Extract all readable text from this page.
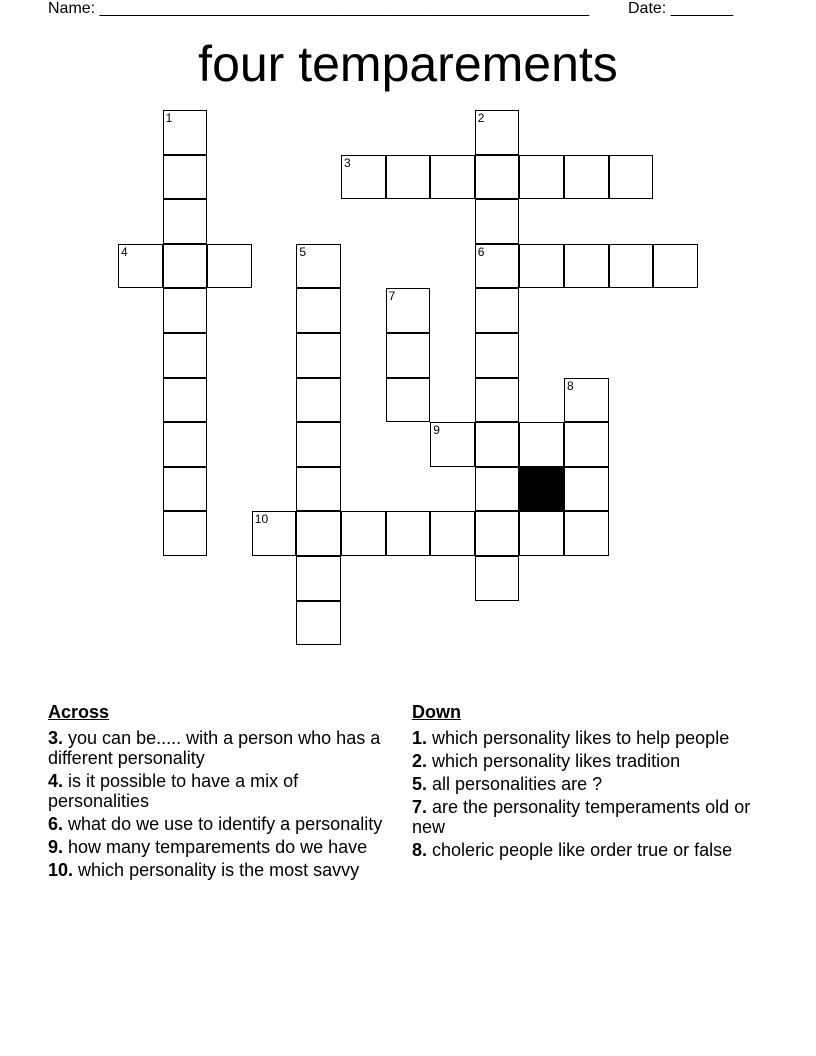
Name: _______________________________________________________ Date: _______
four temparements
1
4
2
6
3
5
7
9
8
10
Across
3. you can be..... with a person who has a different personality
4. is it possible to have a mix of personalities
6. what do we use to identify a personality
9. how many temparements do we have
10. which personality is the most savvy
Down
1. which personality likes to help people
2. which personality likes tradition
5. all personalities are ?
7. are the personality temperaments old or new
8. choleric people like order true or false
